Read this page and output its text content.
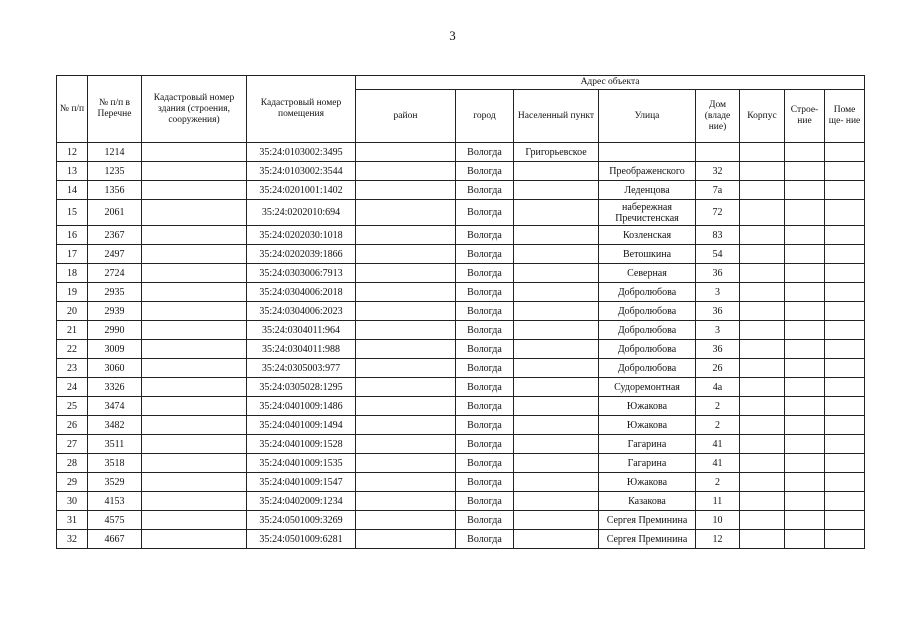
3
№ п/п	№ п/п в Перечне	Кадастровый номер здания (строения, сооружения)	Кадастровый номер помещения	Адрес объекта							
				район	город	Населенный пункт	Улица	Дом (владе ние)	Корпус	Строе- ние	Поме ще- ние
12	1214		35:24:0103002:3495		Вологда	Григорьевское					
13	1235		35:24:0103002:3544		Вологда		Преображенского	32			
14	1356		35:24:0201001:1402		Вологда		Леденцова	7а			
15	2061		35:24:0202010:694		Вологда		набережная Пречистенская	72			
16	2367		35:24:0202030:1018		Вологда		Козленская	83			
17	2497		35:24:0202039:1866		Вологда		Ветошкина	54			
18	2724		35:24:0303006:7913		Вологда		Северная	36			
19	2935		35:24:0304006:2018		Вологда		Добролюбова	3			
20	2939		35:24:0304006:2023		Вологда		Добролюбова	36			
21	2990		35:24:0304011:964		Вологда		Добролюбова	3			
22	3009		35:24:0304011:988		Вологда		Добролюбова	36			
23	3060		35:24:0305003:977		Вологда		Добролюбова	26			
24	3326		35:24:0305028:1295		Вологда		Судоремонтная	4а			
25	3474		35:24:0401009:1486		Вологда		Южакова	2			
26	3482		35:24:0401009:1494		Вологда		Южакова	2			
27	3511		35:24:0401009:1528		Вологда		Гагарина	41			
28	3518		35:24:0401009:1535		Вологда		Гагарина	41			
29	3529		35:24:0401009:1547		Вологда		Южакова	2			
30	4153		35:24:0402009:1234		Вологда		Казакова	11			
31	4575		35:24:0501009:3269		Вологда		Сергея Преминина	10			
32	4667		35:24:0501009:6281		Вологда		Сергея Преминина	12			
